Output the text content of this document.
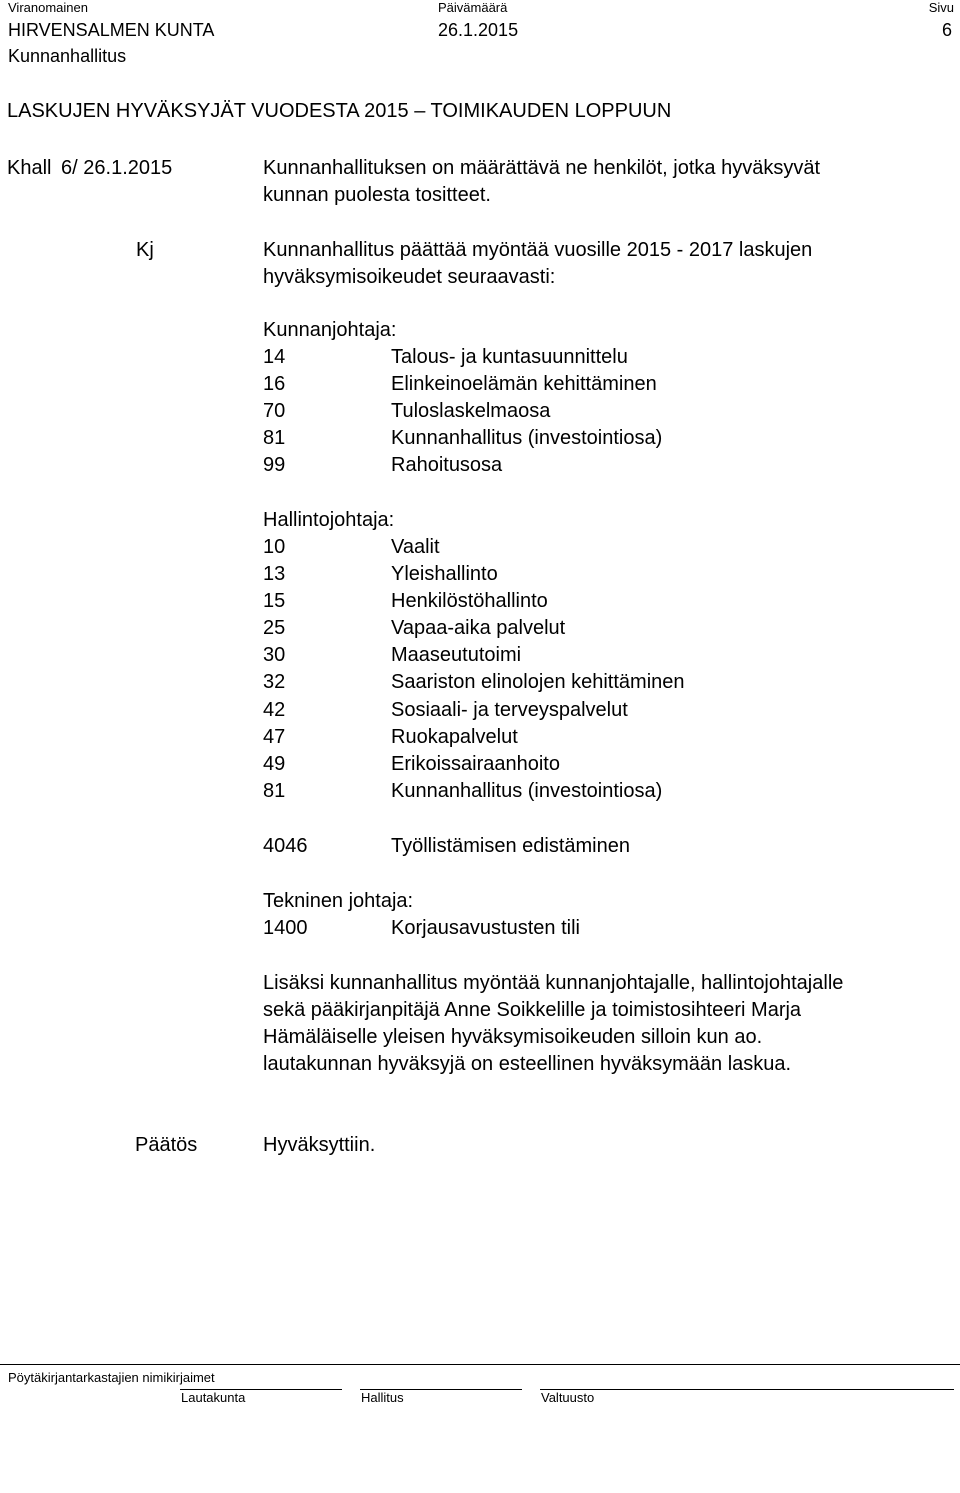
Viranomainen
HIRVENSALMEN KUNTA
Kunnanhallitus
Päivämäärä
26.1.2015
Sivu
6
LASKUJEN HYVÄKSYJÄT VUODESTA 2015 – TOIMIKAUDEN LOPPUUN
Khall 6/ 26.1.2015	Kunnanhallituksen on määrättävä ne henkilöt, jotka hyväksyvät
kunnan puolesta tositteet.
Kj	Kunnanhallitus päättää myöntää vuosille 2015 - 2017 laskujen
hyväksymisoikeudet seuraavasti:
Kunnanjohtaja:
14	Talous- ja kuntasuunnittelu
16	Elinkeinoelämän kehittäminen
70	Tuloslaskelmaosa
81	Kunnanhallitus (investointiosa)
99	Rahoitusosa
Hallintojohtaja:
10	Vaalit
13	Yleishallinto
15	Henkilöstöhallinto
25	Vapaa-aika palvelut
30	Maaseututoimi
32	Saariston elinolojen kehittäminen
42	Sosiaali- ja terveyspalvelut
47	Ruokapalvelut
49	Erikoissairaanhoito
81	Kunnanhallitus (investointiosa)
4046	Työllistämisen edistäminen
Tekninen johtaja:
1400	Korjausavustusten tili
Lisäksi kunnanhallitus myöntää kunnanjohtajalle, hallintojohtajalle
sekä pääkirjanpitäjä Anne Soikkelille ja toimistosihteeri Marja
Hämäläiselle yleisen hyväksymisoikeuden silloin kun ao.
lautakunnan hyväksyjä on esteellinen hyväksymään laskua.
Päätös	Hyväksyttiin.
Pöytäkirjantarkastajien nimikirjaimet
Lautakunta	Hallitus	Valtuusto
